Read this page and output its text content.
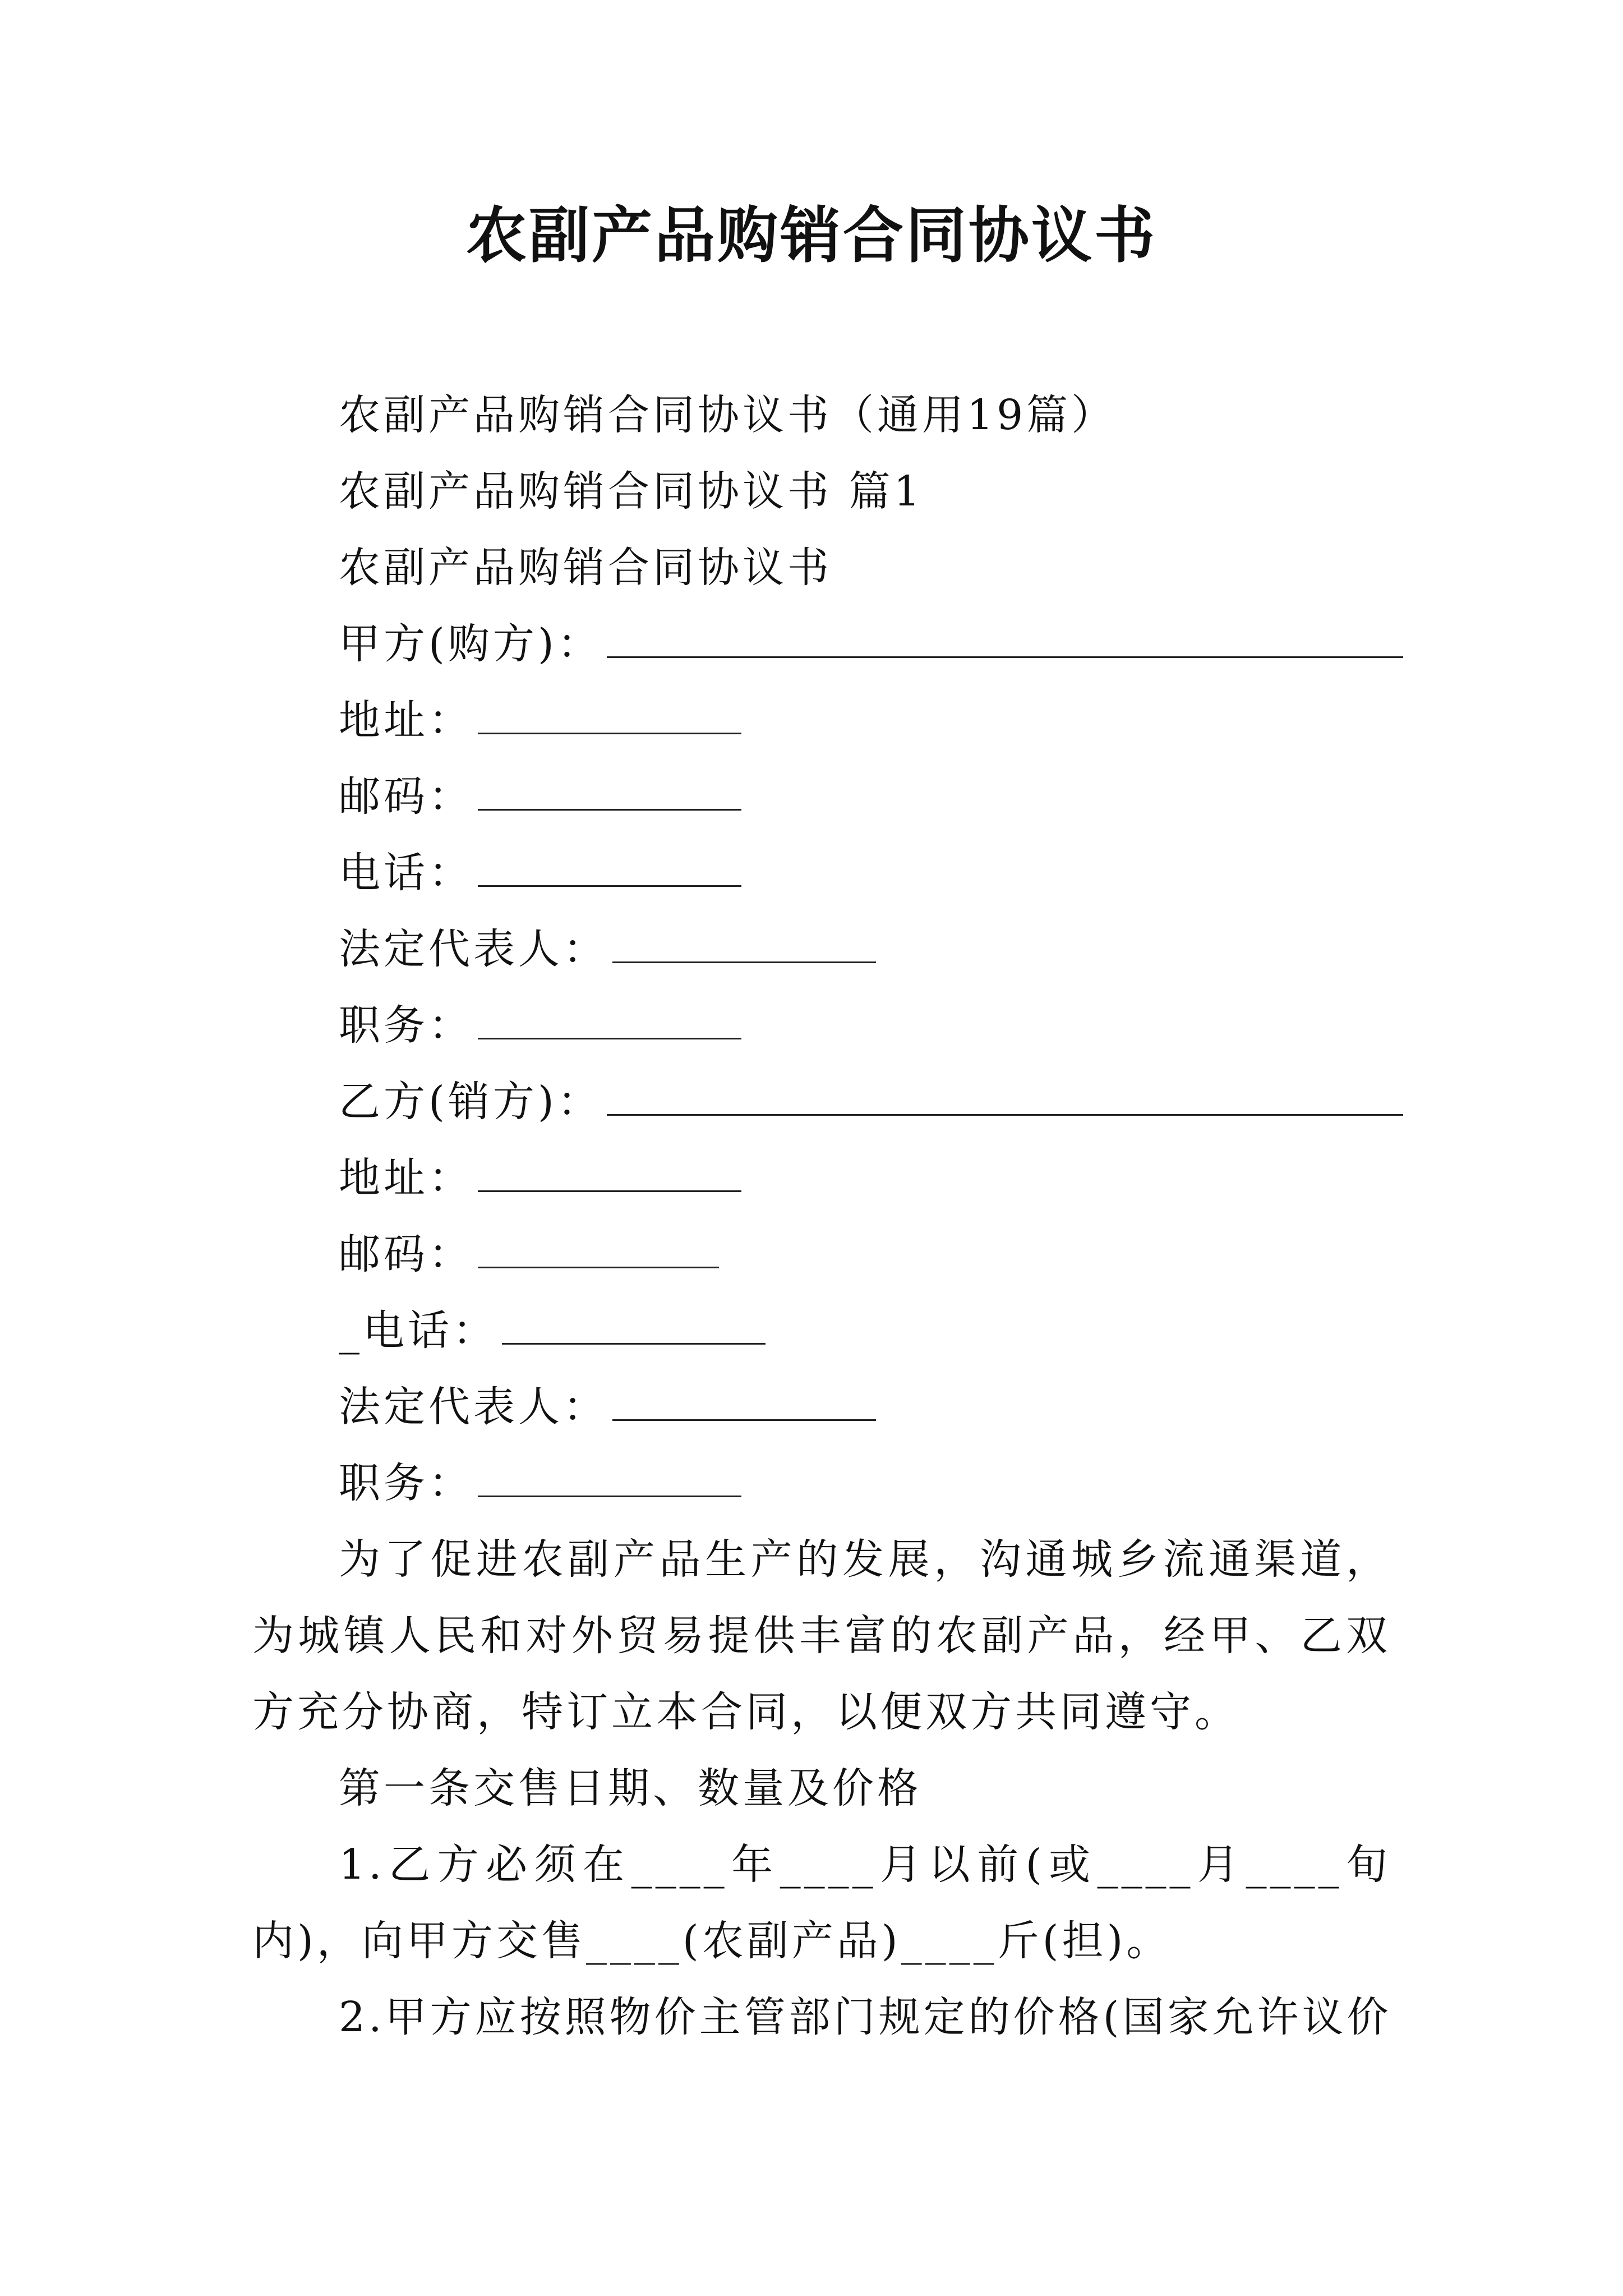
农副产品购销合同协议书
农副产品购销合同协议书（通用19篇）
农副产品购销合同协议书 篇1
农副产品购销合同协议书
甲方(购方)：
地址：
邮码：
电话：
法定代表人：
职务：
乙方(销方)：
地址：
邮码：
_电话：
法定代表人：
职务：
为了促进农副产品生产的发展，沟通城乡流通渠道，为城镇人民和对外贸易提供丰富的农副产品，经甲、乙双方充分协商，特订立本合同，以便双方共同遵守。
第一条交售日期、数量及价格
1.乙方必须在____年____月以前(或____月____旬内)，向甲方交售____(农副产品)____斤(担)。
2.甲方应按照物价主管部门规定的价格(国家允许议价
